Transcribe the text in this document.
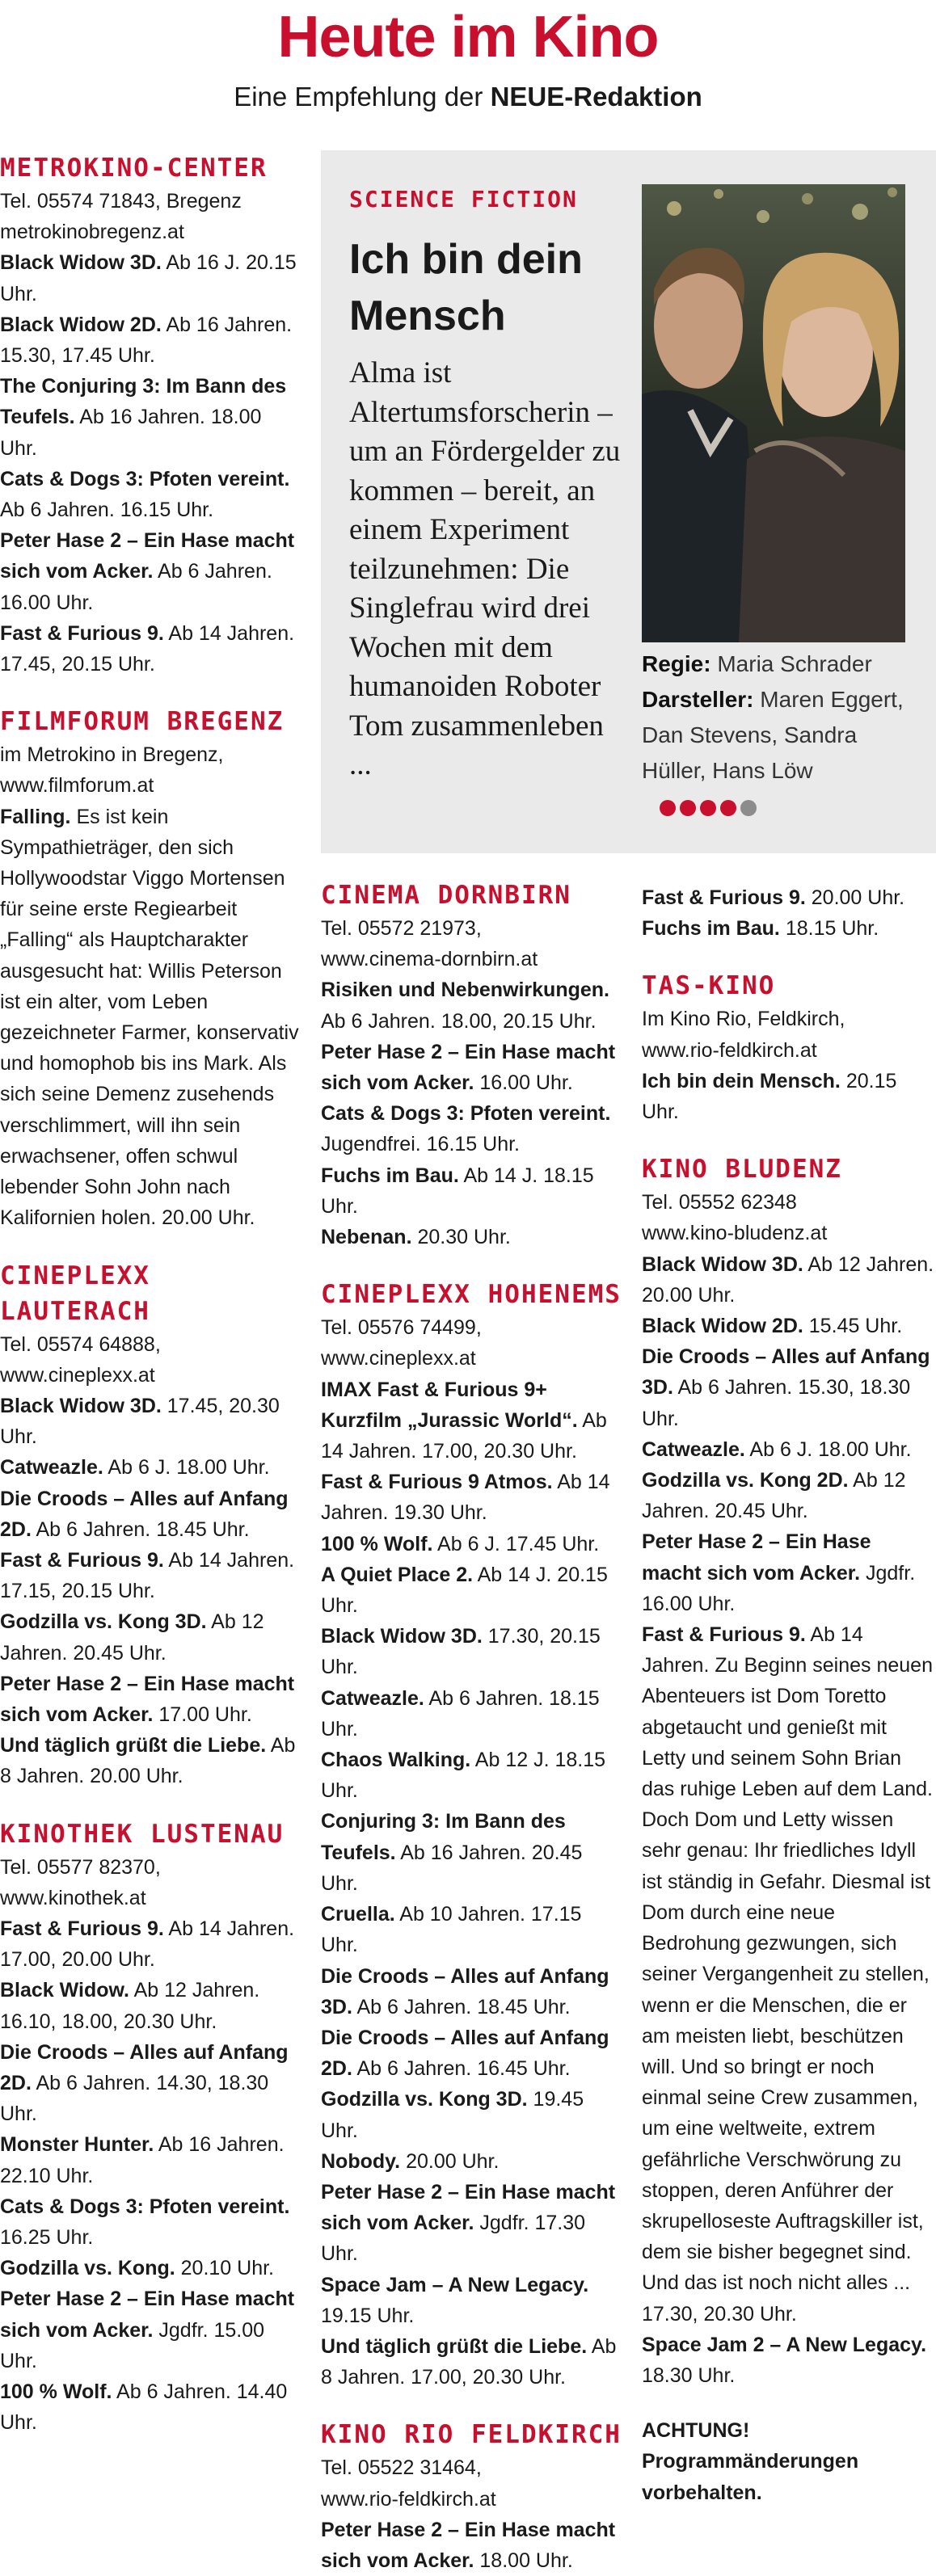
Heute im Kino
Eine Empfehlung der NEUE-Redaktion
METROKINO-CENTER
Tel. 05574 71843, Bregenz
metrokinobregenz.at
Black Widow 3D. Ab 16 J. 20.15 Uhr.
Black Widow 2D. Ab 16 Jahren. 15.30, 17.45 Uhr.
The Conjuring 3: Im Bann des Teufels. Ab 16 Jahren. 18.00 Uhr.
Cats & Dogs 3: Pfoten vereint. Ab 6 Jahren. 16.15 Uhr.
Peter Hase 2 – Ein Hase macht sich vom Acker. Ab 6 Jahren. 16.00 Uhr.
Fast & Furious 9. Ab 14 Jahren. 17.45, 20.15 Uhr.
FILMFORUM BREGENZ
im Metrokino in Bregenz,
www.filmforum.at
Falling. Es ist kein Sympathieträger, den sich Hollywoodstar Viggo Mortensen für seine erste Regiearbeit „Falling“ als Hauptcharakter ausgesucht hat: Willis Peterson ist ein alter, vom Leben gezeichneter Farmer, konservativ und homophob bis ins Mark. Als sich seine Demenz zusehends verschlimmert, will ihn sein erwachsener, offen schwul lebender Sohn John nach Kalifornien holen. 20.00 Uhr.
CINEPLEXX LAUTERACH
Tel. 05574 64888,
www.cineplexx.at
Black Widow 3D. 17.45, 20.30 Uhr.
Catweazle. Ab 6 J. 18.00 Uhr.
Die Croods – Alles auf Anfang 2D. Ab 6 Jahren. 18.45 Uhr.
Fast & Furious 9. Ab 14 Jahren. 17.15, 20.15 Uhr.
Godzilla vs. Kong 3D. Ab 12 Jahren. 20.45 Uhr.
Peter Hase 2 – Ein Hase macht sich vom Acker. 17.00 Uhr.
Und täglich grüßt die Liebe. Ab 8 Jahren. 20.00 Uhr.
KINOTHEK LUSTENAU
Tel. 05577 82370,
www.kinothek.at
Fast & Furious 9. Ab 14 Jahren. 17.00, 20.00 Uhr.
Black Widow. Ab 12 Jahren. 16.10, 18.00, 20.30 Uhr.
Die Croods – Alles auf Anfang 2D. Ab 6 Jahren. 14.30, 18.30 Uhr.
Monster Hunter. Ab 16 Jahren. 22.10 Uhr.
Cats & Dogs 3: Pfoten vereint. 16.25 Uhr.
Godzilla vs. Kong. 20.10 Uhr.
Peter Hase 2 – Ein Hase macht sich vom Acker. Jgdfr. 15.00 Uhr.
100 % Wolf. Ab 6 Jahren. 14.40 Uhr.
SCIENCE FICTION
Ich bin dein Mensch
Alma ist Altertumsforscherin – um an Fördergelder zu kommen – bereit, an einem Experiment teilzunehmen: Die Singlefrau wird drei Wochen mit dem humanoiden Roboter Tom zusammenleben ...
Regie: Maria Schrader
Darsteller: Maren Eggert, Dan Stevens, Sandra Hüller, Hans Löw
CINEMA DORNBIRN
Tel. 05572 21973,
www.cinema-dornbirn.at
Risiken und Nebenwirkungen. Ab 6 Jahren. 18.00, 20.15 Uhr.
Peter Hase 2 – Ein Hase macht sich vom Acker. 16.00 Uhr.
Cats & Dogs 3: Pfoten vereint. Jugendfrei. 16.15 Uhr.
Fuchs im Bau. Ab 14 J. 18.15 Uhr.
Nebenan. 20.30 Uhr.
CINEPLEXX HOHENEMS
Tel. 05576 74499,
www.cineplexx.at
IMAX Fast & Furious 9+ Kurzfilm „Jurassic World“. Ab 14 Jahren. 17.00, 20.30 Uhr.
Fast & Furious 9 Atmos. Ab 14 Jahren. 19.30 Uhr.
100 % Wolf. Ab 6 J. 17.45 Uhr.
A Quiet Place 2. Ab 14 J. 20.15 Uhr.
Black Widow 3D. 17.30, 20.15 Uhr.
Catweazle. Ab 6 Jahren. 18.15 Uhr.
Chaos Walking. Ab 12 J. 18.15 Uhr.
Conjuring 3: Im Bann des Teufels. Ab 16 Jahren. 20.45 Uhr.
Cruella. Ab 10 Jahren. 17.15 Uhr.
Die Croods – Alles auf Anfang 3D. Ab 6 Jahren. 18.45 Uhr.
Die Croods – Alles auf Anfang 2D. Ab 6 Jahren. 16.45 Uhr.
Godzilla vs. Kong 3D. 19.45 Uhr.
Nobody. 20.00 Uhr.
Peter Hase 2 – Ein Hase macht sich vom Acker. Jgdfr. 17.30 Uhr.
Space Jam – A New Legacy. 19.15 Uhr.
Und täglich grüßt die Liebe. Ab 8 Jahren. 17.00, 20.30 Uhr.
KINO RIO FELDKIRCH
Tel. 05522 31464,
www.rio-feldkirch.at
Peter Hase 2 – Ein Hase macht sich vom Acker. 18.00 Uhr.
Fast & Furious 9. 20.00 Uhr.
Fuchs im Bau. 18.15 Uhr.
TAS-KINO
Im Kino Rio, Feldkirch,
www.rio-feldkirch.at
Ich bin dein Mensch. 20.15 Uhr.
KINO BLUDENZ
Tel. 05552 62348
www.kino-bludenz.at
Black Widow 3D. Ab 12 Jahren. 20.00 Uhr.
Black Widow 2D. 15.45 Uhr.
Die Croods – Alles auf Anfang 3D. Ab 6 Jahren. 15.30, 18.30 Uhr.
Catweazle. Ab 6 J. 18.00 Uhr.
Godzilla vs. Kong 2D. Ab 12 Jahren. 20.45 Uhr.
Peter Hase 2 – Ein Hase macht sich vom Acker. Jgdfr. 16.00 Uhr.
Fast & Furious 9. Ab 14 Jahren. Zu Beginn seines neuen Abenteuers ist Dom Toretto abgetaucht und genießt mit Letty und seinem Sohn Brian das ruhige Leben auf dem Land. Doch Dom und Letty wissen sehr genau: Ihr friedliches Idyll ist ständig in Gefahr. Diesmal ist Dom durch eine neue Bedrohung gezwungen, sich seiner Vergangenheit zu stellen, wenn er die Menschen, die er am meisten liebt, beschützen will. Und so bringt er noch einmal seine Crew zusammen, um eine weltweite, extrem gefährliche Verschwörung zu stoppen, deren Anführer der skrupelloseste Auftragskiller ist, dem sie bisher begegnet sind. Und das ist noch nicht alles ... 17.30, 20.30 Uhr.
Space Jam 2 – A New Legacy. 18.30 Uhr.
ACHTUNG! Programmänderungen vorbehalten.
